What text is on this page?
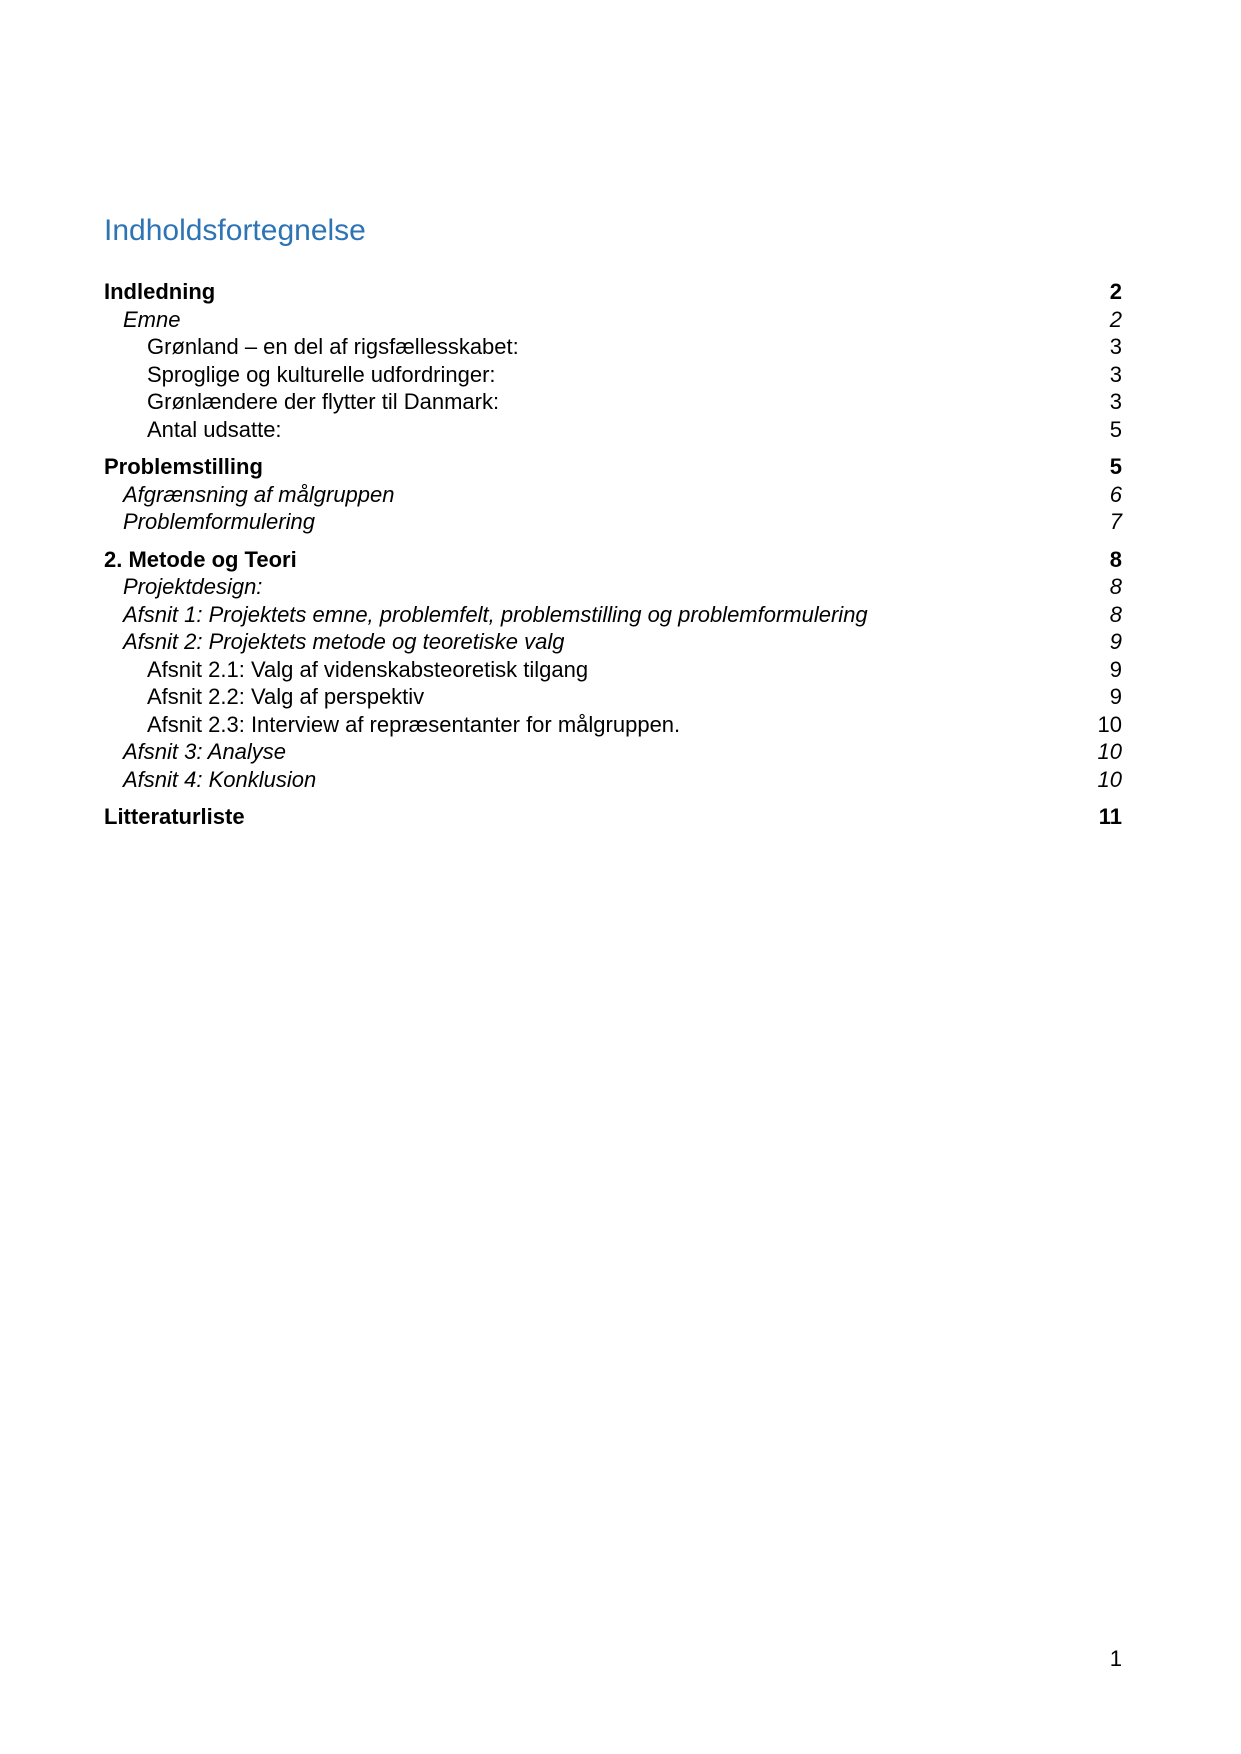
Indholdsfortegnelse
Indledning	2
Emne	2
Grønland – en del af rigsfællesskabet:	3
Sproglige og kulturelle udfordringer:	3
Grønlændere der flytter til Danmark:	3
Antal udsatte:	5
Problemstilling	5
Afgrænsning af målgruppen	6
Problemformulering	7
2. Metode og Teori	8
Projektdesign:	8
Afsnit 1: Projektets emne, problemfelt, problemstilling og problemformulering	8
Afsnit 2: Projektets metode og teoretiske valg	9
Afsnit 2.1: Valg af videnskabsteoretisk tilgang	9
Afsnit 2.2: Valg af perspektiv	9
Afsnit 2.3: Interview af repræsentanter for målgruppen.	10
Afsnit 3: Analyse	10
Afsnit 4: Konklusion	10
Litteraturliste	11
1
